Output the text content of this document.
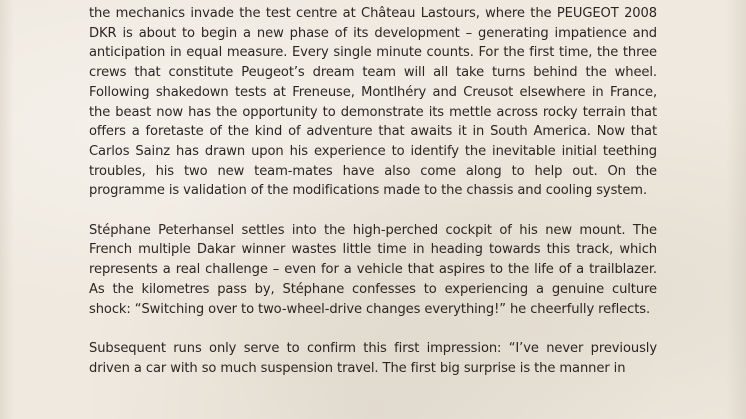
the mechanics invade the test centre at Château Lastours, where the PEUGEOT 2008 DKR is about to begin a new phase of its development – generating impatience and anticipation in equal measure. Every single minute counts. For the first time, the three crews that constitute Peugeot’s dream team will all take turns behind the wheel. Following shakedown tests at Freneuse, Montlhéry and Creusot elsewhere in France, the beast now has the opportunity to demonstrate its mettle across rocky terrain that offers a foretaste of the kind of adventure that awaits it in South America. Now that Carlos Sainz has drawn upon his experience to identify the inevitable initial teething troubles, his two new team-mates have also come along to help out. On the programme is validation of the modifications made to the chassis and cooling system.

Stéphane Peterhansel settles into the high-perched cockpit of his new mount. The French multiple Dakar winner wastes little time in heading towards this track, which represents a real challenge – even for a vehicle that aspires to the life of a trailblazer. As the kilometres pass by, Stéphane confesses to experiencing a genuine culture shock: “Switching over to two-wheel-drive changes everything!” he cheerfully reflects.

Subsequent runs only serve to confirm this first impression: “I’ve never previously driven a car with so much suspension travel. The first big surprise is the manner in
